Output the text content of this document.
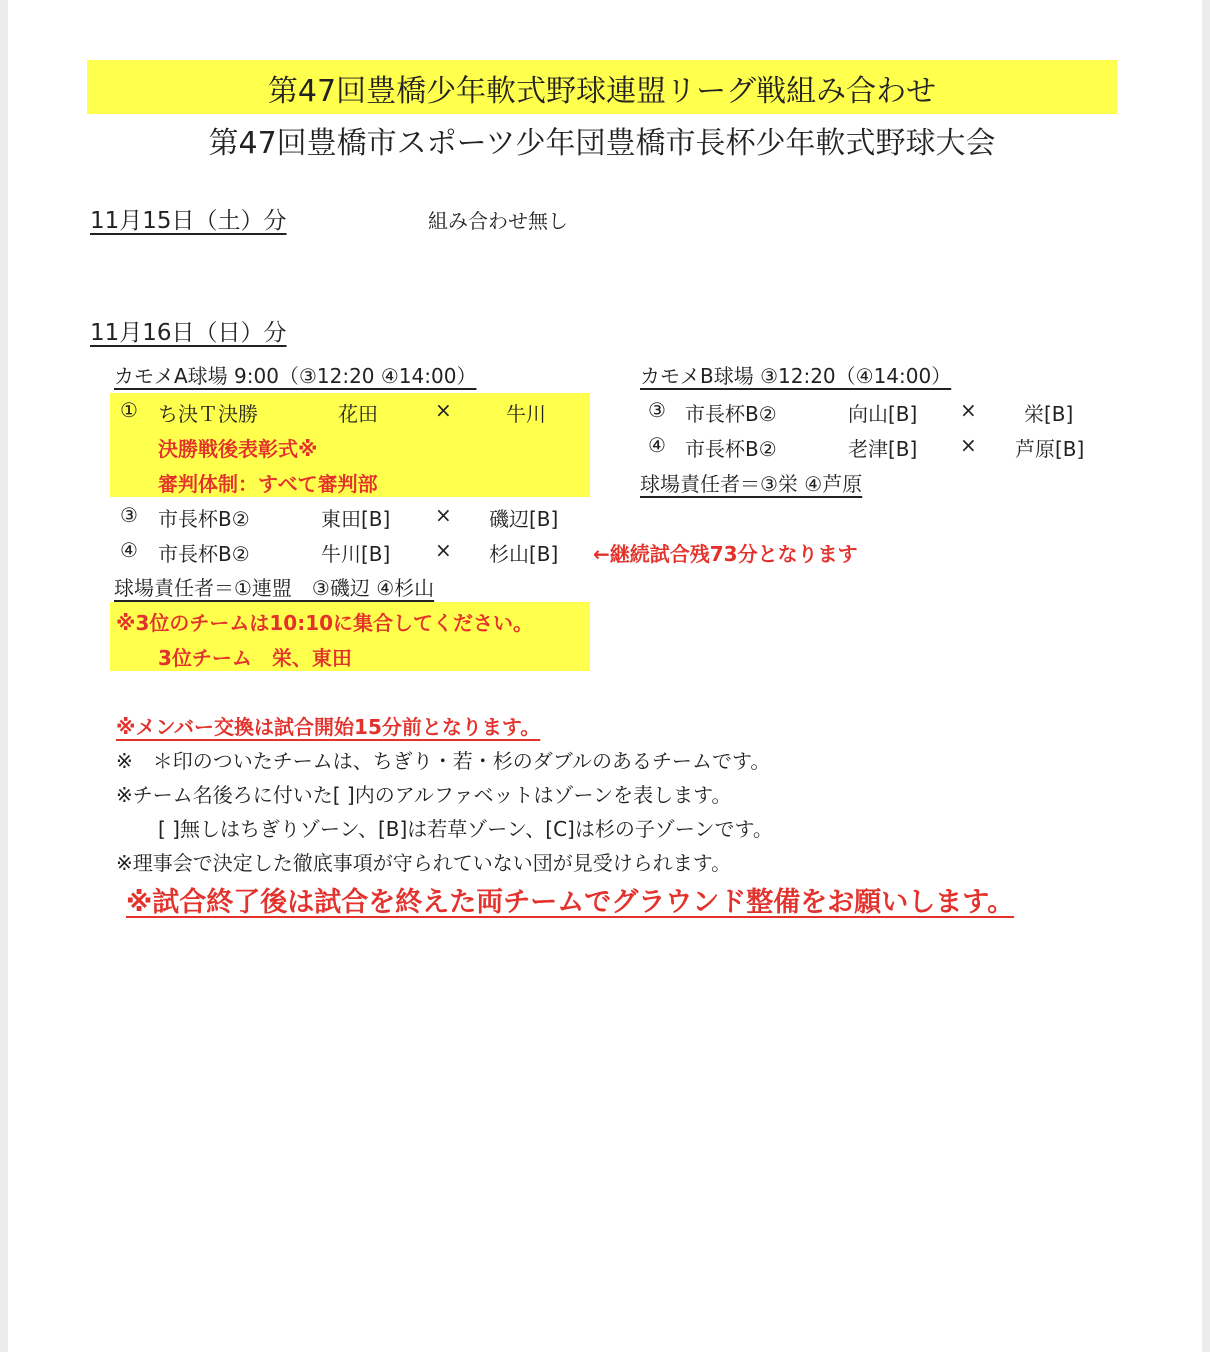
第47回豊橋少年軟式野球連盟リーグ戦組み合わせ
第47回豊橋市スポーツ少年団豊橋市長杯少年軟式野球大会
11月15日（土）分	組み合わせ無し
11月16日（日）分
カモメA球場 9:00（③12:20 ④14:00）
① ち決Ｔ決勝	花田	×	牛川
決勝戦後表彰式※
審判体制：すべて審判部
③ 市長杯B②	東田[B] × 磯辺[B]
④ 市長杯B②	牛川[B] × 杉山[B] ←継続試合残73分となります
球場責任者＝①連盟　③磯辺 ④杉山
※3位のチームは10:10に集合してください。
3位チーム　栄、東田
カモメB球場 ③12:20（④14:00）
③ 市長杯B②	向山[B] × 栄[B]
④ 市長杯B②	老津[B] × 芦原[B]
球場責任者＝③栄 ④芦原
※メンバー交換は試合開始15分前となります。
※　＊印のついたチームは、ちぎり・若・杉のダブルのあるチームです。
※チーム名後ろに付いた[ ]内のアルファベットはゾーンを表します。
[ ]無しはちぎりゾーン、[B]は若草ゾーン、[C]は杉の子ゾーンです。
※理事会で決定した徹底事項が守られていない団が見受けられます。
※試合終了後は試合を終えた両チームでグラウンド整備をお願いします。
